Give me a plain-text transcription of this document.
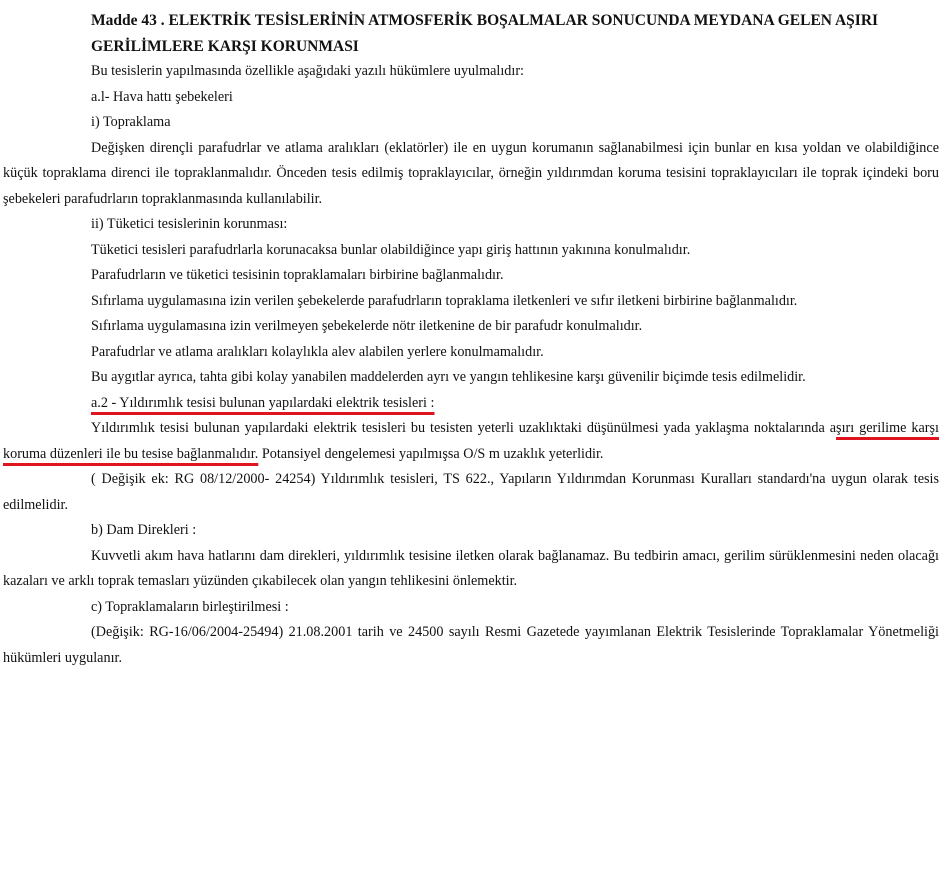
Madde 43 . ELEKTRİK TESİSLERİNİN ATMOSFERİK BOŞALMALAR SONUCUNDA MEYDANA GELEN AŞIRI GERİLİMLERE KARŞI KORUNMASI

Bu tesislerin yapılmasında özellikle aşağıdaki yazılı hükümlere uyulmalıdır:

a.l- Hava hattı şebekeleri

i) Topraklama

Değişken dirençli parafudrlar ve atlama aralıkları (eklatörler) ile en uygun korumanın sağlanabilmesi için bunlar en kısa yoldan ve olabildiğince küçük topraklama direnci ile topraklanmalıdır. Önceden tesis edilmiş topraklayıcılar, örneğin yıldırımdan koruma tesisini topraklayıcıları ile toprak içindeki boru şebekeleri parafudrların topraklanmasında kullanılabilir.

ii) Tüketici tesislerinin korunması:

Tüketici tesisleri parafudrlarla korunacaksa bunlar olabildiğince yapı giriş hattının yakınına konulmalıdır.

Parafudrların ve tüketici tesisinin topraklamaları birbirine bağlanmalıdır.

Sıfırlama uygulamasına izin verilen şebekelerde parafudrların topraklama iletkenleri ve sıfır iletkeni birbirine bağlanmalıdır.

Sıfırlama uygulamasına izin verilmeyen şebekelerde nötr iletkenine de bir parafudr konulmalıdır.

Parafudrlar ve atlama aralıkları kolaylıkla alev alabilen yerlere konulmamalıdır.

Bu aygıtlar ayrıca, tahta gibi kolay yanabilen maddelerden ayrı ve yangın tehlikesine karşı güvenilir biçimde tesis edilmelidir.

a.2 - Yıldırımlık tesisi bulunan yapılardaki elektrik tesisleri :

Yıldırımlık tesisi bulunan yapılardaki elektrik tesisleri bu tesisten yeterli uzaklıktaki düşünülmesi yada yaklaşma noktalarında aşırı gerilime karşı koruma düzenleri ile bu tesise bağlanmalıdır. Potansiyel dengelemesi yapılmışsa O/S m uzaklık yeterlidir.

( Değişik ek: RG 08/12/2000- 24254) Yıldırımlık tesisleri, TS 622., Yapıların Yıldırımdan Korunması Kuralları standardı'na uygun olarak tesis edilmelidir.

b) Dam Direkleri :

Kuvvetli akım hava hatlarını dam direkleri, yıldırımlık tesisine iletken olarak bağlanamaz. Bu tedbirin amacı, gerilim sürüklenmesini neden olacağı kazaları ve arklı toprak temasları yüzünden çıkabilecek olan yangın tehlikesini önlemektir.

c) Topraklamaların birleştirilmesi :

(Değişik: RG-16/06/2004-25494) 21.08.2001 tarih ve 24500 sayılı Resmi Gazetede yayımlanan Elektrik Tesislerinde Topraklamalar Yönetmeliği hükümleri uygulanır.
